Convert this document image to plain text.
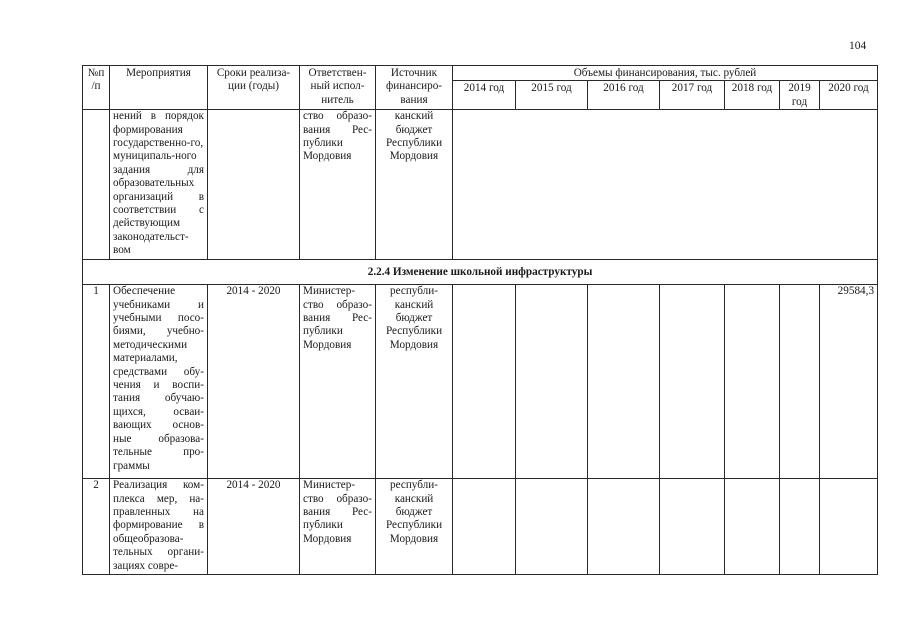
104
№п /п	Мероприятия	Сроки реализа-ции (годы)	Ответствен-ный испол-нитель	Источник финансиро-вания	Объемы финансирования, тыс. рублей						
					2014 год	2015 год	2016 год	2017 год	2018 год	2019 год	2020 год
	нений в порядок формирования государственно-го, муниципаль-ного задания для образовательных организаций в соответствии с действующим законодательст-вом		ство образо-вания Рес-публики Мордовия	канский бюджет Республики Мордовия							
2.2.4 Изменение школьной инфраструктуры											
1	Обеспечение учебниками и учебными посо-биями, учебно-методическими материалами, средствами обу-чения и воспи-тания обучаю-щихся, осваи-вающих основ-ные образова-тельные про-граммы	2014 - 2020	Министер-ство образо-вания Рес-публики Мордовия	республи-канский бюджет Республики Мордовия							29584,3
2	Реализация ком-плекса мер, на-правленных на формирование в общеобразова-тельных органи-зациях совре-	2014 - 2020	Министер-ство образо-вания Рес-публики Мордовия	республи-канский бюджет Республики Мордовия							
